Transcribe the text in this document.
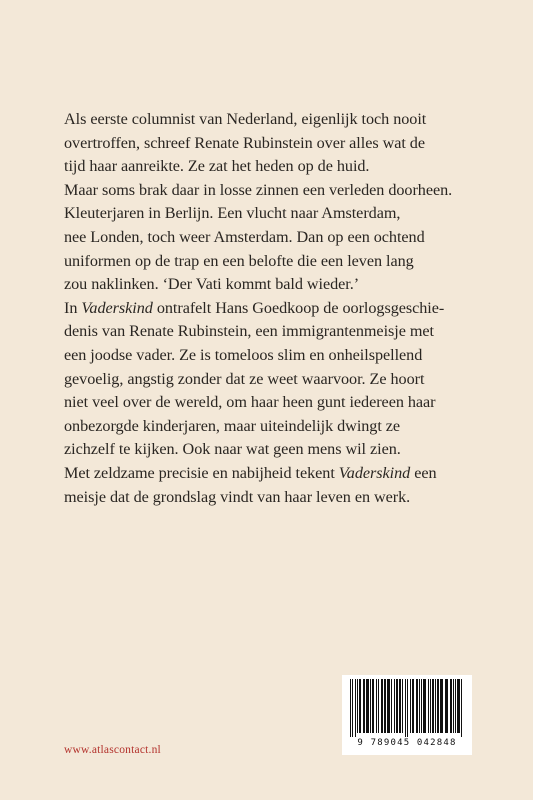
Als eerste columnist van Nederland, eigenlijk toch nooit
overtroffen, schreef Renate Rubinstein over alles wat de
tijd haar aanreikte. Ze zat het heden op de huid.
Maar soms brak daar in losse zinnen een verleden doorheen.
Kleuterjaren in Berlijn. Een vlucht naar Amsterdam,
nee Londen, toch weer Amsterdam. Dan op een ochtend
uniformen op de trap en een belofte die een leven lang
zou naklinken. ‘Der Vati kommt bald wieder.’
In Vaderskind ontrafelt Hans Goedkoop de oorlogsgeschie-
denis van Renate Rubinstein, een immigrantenmeisje met
een joodse vader. Ze is tomeloos slim en onheilspellend
gevoelig, angstig zonder dat ze weet waarvoor. Ze hoort
niet veel over de wereld, om haar heen gunt iedereen haar
onbezorgde kinderjaren, maar uiteindelijk dwingt ze
zichzelf te kijken. Ook naar wat geen mens wil zien.
Met zeldzame precisie en nabijheid tekent Vaderskind een
meisje dat de grondslag vindt van haar leven en werk.
www.atlascontact.nl
9 789045 042848
